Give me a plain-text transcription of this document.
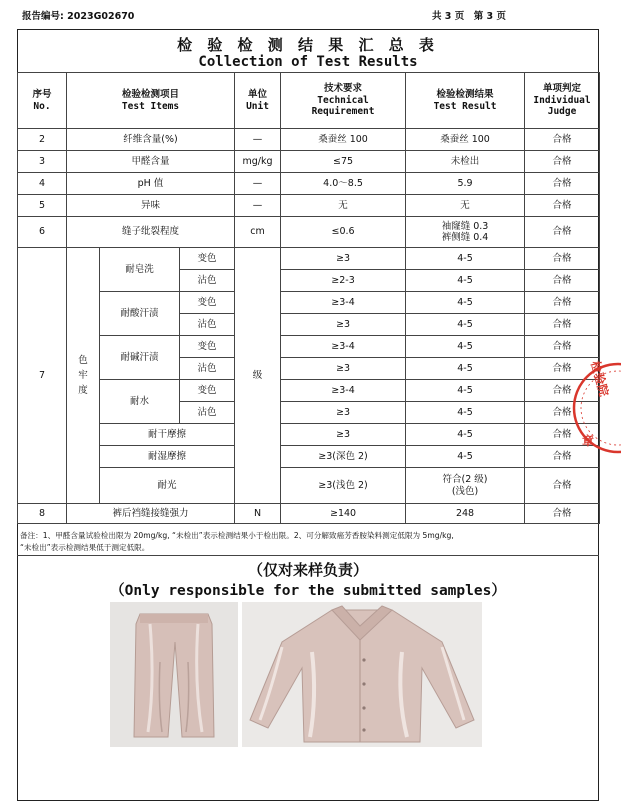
报告编号: 2023G02670	共 3 页　第 3 页
检 验 检 测 结 果 汇 总 表
Collection of Test Results
序号
No.	检验检测项目
Test Items			单位
Unit	技术要求
Technical
Requirement	检验检测结果
Test Result	单项判定
Individual
Judge

2	纤维含量(%)			—	桑蚕丝 100	桑蚕丝 100	合格
3	甲醛含量			mg/kg	≤75	未检出	合格
4	pH 值			—	4.0～8.5	5.9	合格
5	异味			—	无	无	合格
6	缝子纰裂程度			cm	≤0.6	袖窿缝 0.3
裤侧缝 0.4	合格
7	色牢度	耐皂洗	变色	级	≥3	4-5	合格
			沾色		≥2-3	4-5	合格
		耐酸汗渍	变色		≥3-4	4-5	合格
			沾色		≥3	4-5	合格
		耐碱汗渍	变色		≥3-4	4-5	合格
			沾色		≥3	4-5	合格
		耐水	变色		≥3-4	4-5	合格
			沾色		≥3	4-5	合格
		耐干摩擦			≥3	4-5	合格
		耐湿摩擦			≥3(深色 2)	4-5	合格
		耐光			≥3(浅色 2)	符合(2 级)
(浅色)	合格
8	裤后裆缝接缝强力			N	≥140	248	合格
备注：1、甲醛含量试验检出限为 20mg/kg, “未检出”表示检测结果小于检出限。2、可分解致癌芳香胺染料测定低限为 5mg/kg,
“未检出”表示检测结果低于测定低限。
（仅对来样负责）
（Only responsible for the submitted samples）
检验院
章
